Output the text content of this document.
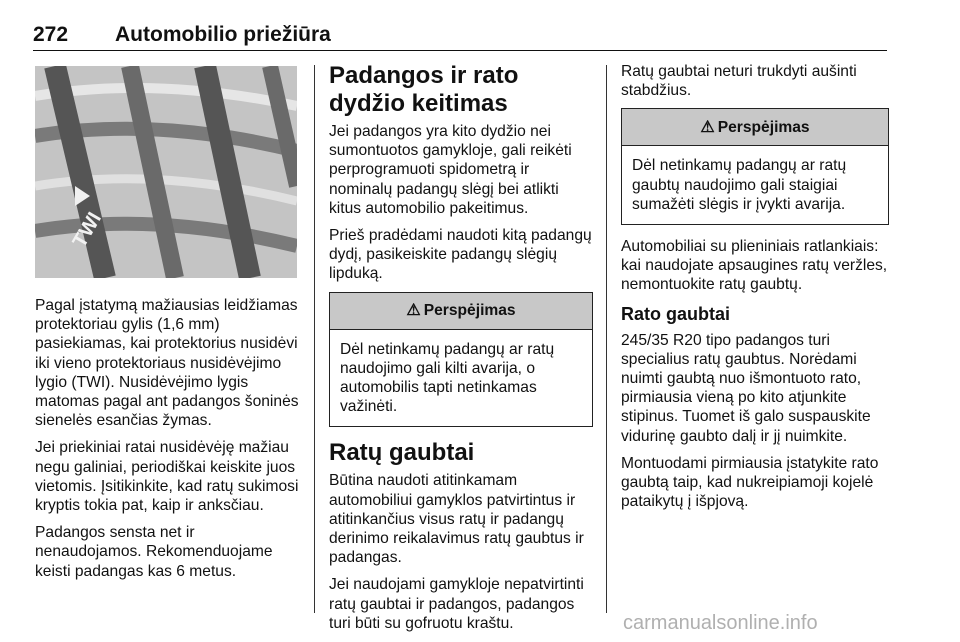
272 Automobilio priežiūra
TWI

Pagal įstatymą mažiausias leidžiamas protektoriau gylis (1,6 mm) pasiekiamas, kai protektorius nusidėvi iki vieno protektoriaus nusidėvėjimo lygio (TWI). Nusidėvėjimo lygis matomas pagal ant padangos šoninės sienelės esančias žymas.

Jei priekiniai ratai nusidėvėję mažiau negu galiniai, periodiškai keiskite juos vietomis. Įsitikinkite, kad ratų sukimosi kryptis tokia pat, kaip ir anksčiau.

Padangos sensta net ir nenaudojamos. Rekomenduojame keisti padangas kas 6 metus.

Padangos ir rato dydžio keitimas

Jei padangos yra kito dydžio nei sumontuotos gamykloje, gali reikėti perprogramuoti spidometrą ir nominalų padangų slėgį bei atlikti kitus automobilio pakeitimus.

Prieš pradėdami naudoti kitą padangų dydį, pasikeiskite padangų slėgių lipduką.

⚠ Perspėjimas
Dėl netinkamų padangų ar ratų naudojimo gali kilti avarija, o automobilis tapti netinkamas važinėti.
Ratų gaubtai

Būtina naudoti atitinkamam automobiliui gamyklos patvirtintus ir atitinkančius visus ratų ir padangų derinimo reikalavimus ratų gaubtus ir padangas.

Jei naudojami gamykloje nepatvirtinti ratų gaubtai ir padangos, padangos turi būti su gofruotu kraštu.

Ratų gaubtai neturi trukdyti aušinti stabdžius.

⚠ Perspėjimas
Dėl netinkamų padangų ar ratų gaubtų naudojimo gali staigiai sumažėti slėgis ir įvykti avarija.

Automobiliai su plieniniais ratlankiais: kai naudojate apsaugines ratų veržles, nemontuokite ratų gaubtų.

Rato gaubtai

245/35 R20 tipo padangos turi specialius ratų gaubtus. Norėdami nuimti gaubtą nuo išmontuoto rato, pirmiausia vieną po kito atjunkite stipinus. Tuomet iš galo suspauskite vidurinę gaubto dalį ir jį nuimkite.

Montuodami pirmiausia įstatykite rato gaubtą taip, kad nukreipiamoji kojelė pataikytų į išpjovą.

carmanualsonline.info
